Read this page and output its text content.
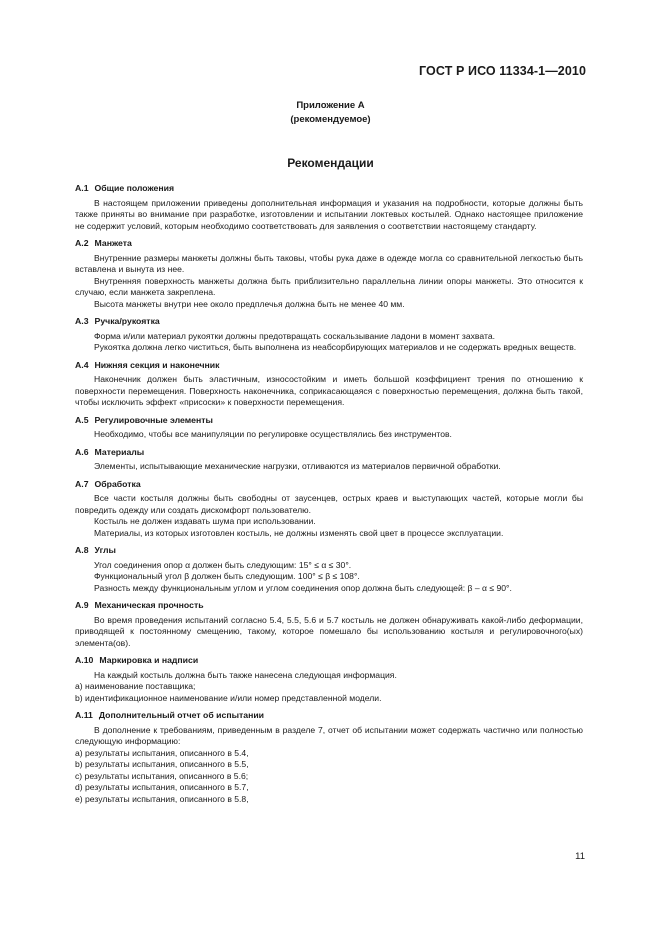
ГОСТ Р ИСО 11334-1—2010
Приложение А
(рекомендуемое)
Рекомендации
А.1 Общие положения

В настоящем приложении приведены дополнительная информация и указания на подробности, которые должны быть также приняты во внимание при разработке, изготовлении и испытании локтевых костылей. Однако настоящее приложение не содержит условий, которым необходимо соответствовать для заявления о соответствии настоящему стандарту.

А.2 Манжета

Внутренние размеры манжеты должны быть таковы, чтобы рука даже в одежде могла со сравнительной легкостью быть вставлена и вынута из нее.

Внутренняя поверхность манжеты должна быть приблизительно параллельна линии опоры манжеты. Это относится к случаю, если манжета закреплена.

Высота манжеты внутри нее около предплечья должна быть не менее 40 мм.

А.3 Ручка/рукоятка

Форма и/или материал рукоятки должны предотвращать соскальзывание ладони в момент захвата.

Рукоятка должна легко чиститься, быть выполнена из неабсорбирующих материалов и не содержать вредных веществ.

А.4 Нижняя секция и наконечник

Наконечник должен быть эластичным, износостойким и иметь большой коэффициент трения по отношению к поверхности перемещения. Поверхность наконечника, соприкасающаяся с поверхностью перемещения, должна быть такой, чтобы исключить эффект «присоски» к поверхности перемещения.

А.5 Регулировочные элементы

Необходимо, чтобы все манипуляции по регулировке осуществлялись без инструментов.

А.6 Материалы

Элементы, испытывающие механические нагрузки, отливаются из материалов первичной обработки.

А.7 Обработка

Все части костыля должны быть свободны от заусенцев, острых краев и выступающих частей, которые могли бы повредить одежду или создать дискомфорт пользователю.

Костыль не должен издавать шума при использовании.

Материалы, из которых изготовлен костыль, не должны изменять свой цвет в процессе эксплуатации.

А.8 Углы

Угол соединения опор α должен быть следующим: 15° ≤ α ≤ 30°.

Функциональный угол β должен быть следующим. 100° ≤ β ≤ 108°.

Разность между функциональным углом и углом соединения опор должна быть следующей: β – α ≤ 90°.

А.9 Механическая прочность

Во время проведения испытаний согласно 5.4, 5.5, 5.6 и 5.7 костыль не должен обнаруживать какой-либо деформации, приводящей к постоянному смещению, такому, которое помешало бы использованию костыля и регулировочного(ых) элемента(ов).

А.10 Маркировка и надписи

На каждый костыль должна быть также нанесена следующая информация.

a) наименование поставщика;

b) идентификационное наименование и/или номер представленной модели.

А.11 Дополнительный отчет об испытании

В дополнение к требованиям, приведенным в разделе 7, отчет об испытании может содержать частично или полностью следующую информацию:

a) результаты испытания, описанного в 5.4,

b) результаты испытания, описанного в 5.5,

c) результаты испытания, описанного в 5.6;

d) результаты испытания, описанного в 5.7,

e) результаты испытания, описанного в 5.8,

11
